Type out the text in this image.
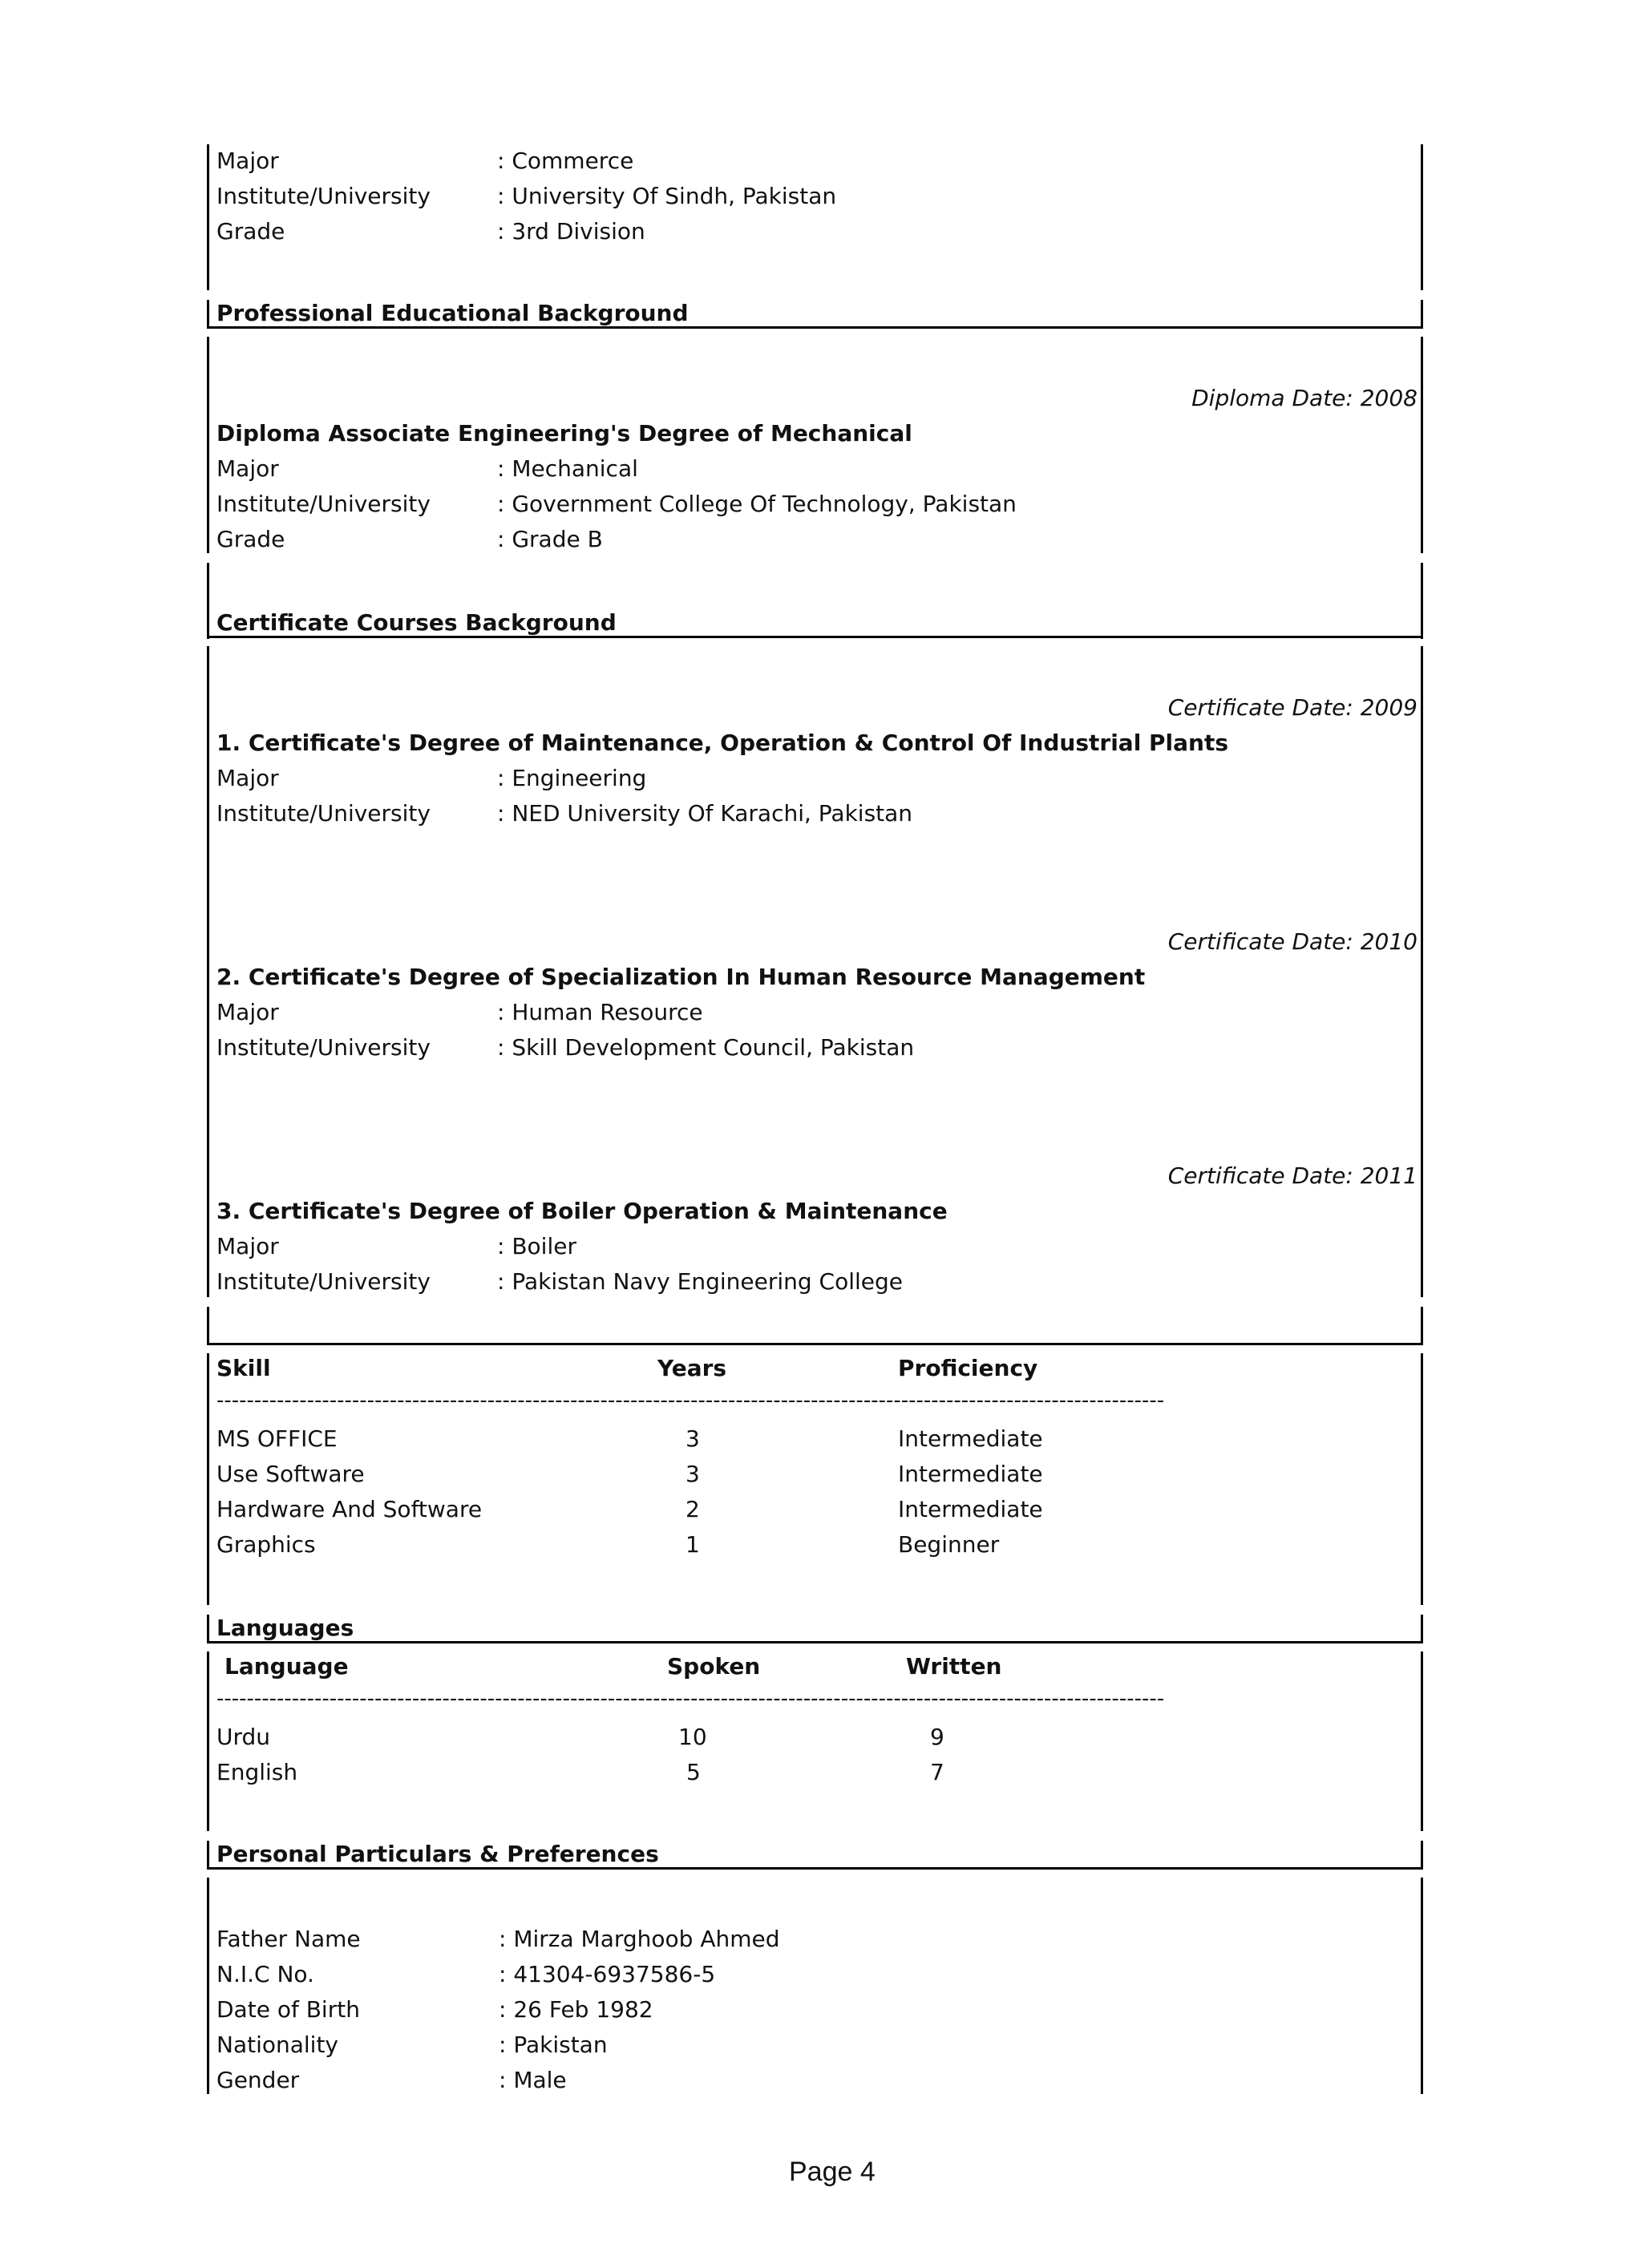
Major	: Commerce
Institute/University	: University Of Sindh, Pakistan
Grade	: 3rd Division
Professional Educational Background
Diploma Date: 2008
Diploma Associate Engineering's Degree of Mechanical
Major	: Mechanical
Institute/University	: Government College Of Technology, Pakistan
Grade	: Grade B
Certificate Courses Background
Certificate Date: 2009
1. Certificate's Degree of Maintenance, Operation & Control Of Industrial Plants
Major	: Engineering
Institute/University	: NED University Of Karachi, Pakistan
Certificate Date: 2010
2. Certificate's Degree of Specialization In Human Resource Management
Major	: Human Resource
Institute/University	: Skill Development Council, Pakistan
Certificate Date: 2011
3. Certificate's Degree of Boiler Operation & Maintenance
Major	: Boiler
Institute/University	: Pakistan Navy Engineering College
Skill	Years	Proficiency
------------------------------------------------------------------------------------------------------------------------------
MS OFFICE	3	Intermediate
Use Software	3	Intermediate
Hardware And Software	2	Intermediate
Graphics	1	Beginner
Languages
Language	Spoken	Written
------------------------------------------------------------------------------------------------------------------------------
Urdu	10	9
English	5	7
Personal Particulars & Preferences
Father Name	: Mirza Marghoob Ahmed
N.I.C No.	: 41304-6937586-5
Date of Birth	: 26 Feb 1982
Nationality	: Pakistan
Gender	: Male
Page 4
